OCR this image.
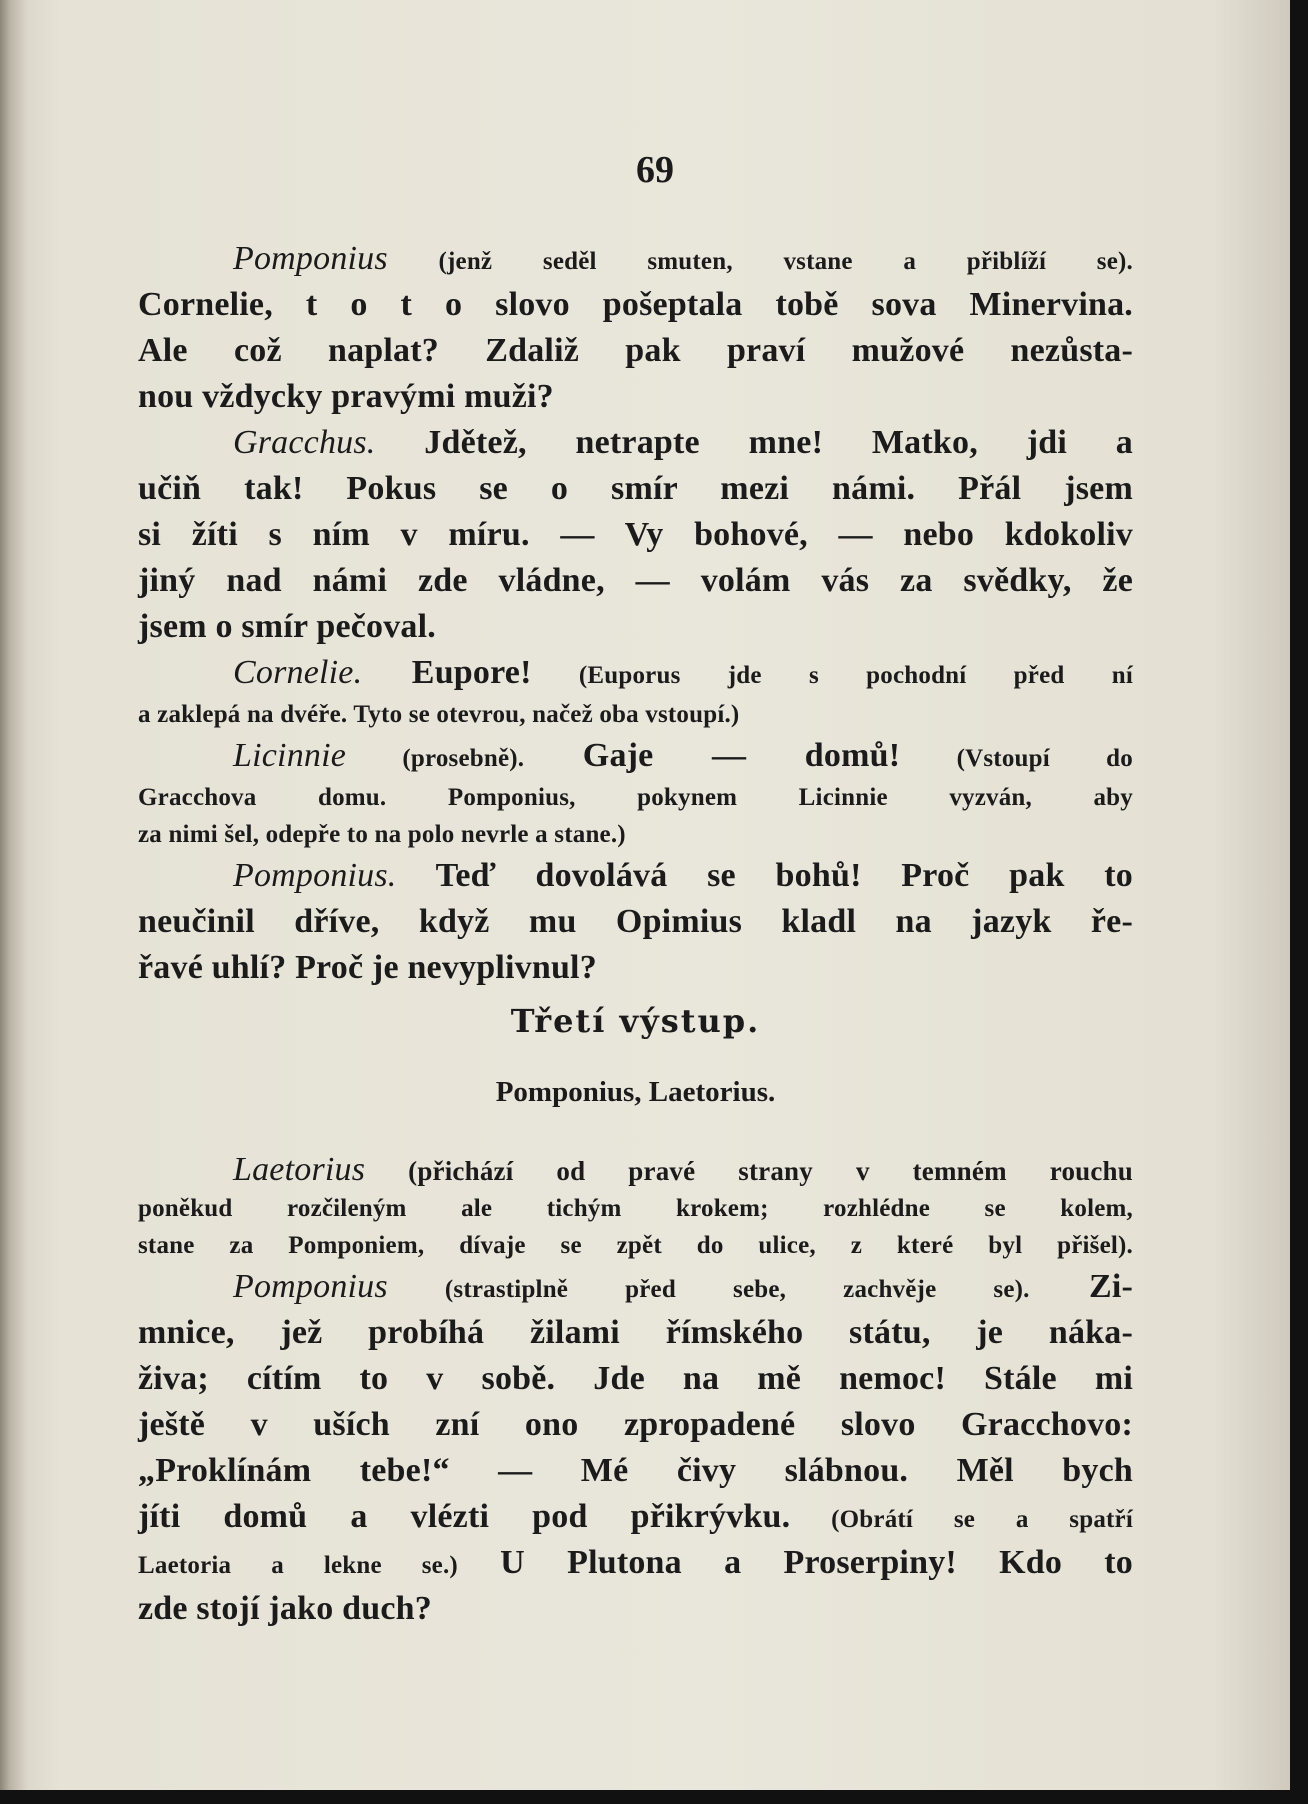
69
Pomponius (jenž seděl smuten, vstane a přiblíží se).
Cornelie, t o t o slovo pošeptala tobě sova Minervina.
Ale což naplat? Zdaliž pak praví mužové nezůsta-
nou vždycky pravými muži?
Gracchus. Jdětež, netrapte mne! Matko, jdi a
učiň tak! Pokus se o smír mezi námi. Přál jsem
si žíti s ním v míru. — Vy bohové, — nebo kdokoliv
jiný nad námi zde vládne, — volám vás za svědky, že
jsem o smír pečoval.
Cornelie. Eupore! (Euporus jde s pochodní před ní
a zaklepá na dvéře. Tyto se otevrou, načež oba vstoupí.)
Licinnie (prosebně). Gaje — domů! (Vstoupí do
Gracchova domu. Pomponius, pokynem Licinnie vyzván, aby
za nimi šel, odepře to na polo nevrle a stane.)
Pomponius. Teď dovolává se bohů! Proč pak to
neučinil dříve, když mu Opimius kladl na jazyk ře-
řavé uhlí? Proč je nevyplivnul?
Třetí výstup.
Pomponius, Laetorius.
Laetorius (přichází od pravé strany v temném rouchu
poněkud rozčileným ale tichým krokem; rozhlédne se kolem,
stane za Pomponiem, dívaje se zpět do ulice, z které byl přišel).
Pomponius (strastiplně před sebe, zachvěje se). Zi-
mnice, jež probíhá žilami římského státu, je náka-
živa; cítím to v sobě. Jde na mě nemoc! Stále mi
ještě v uších zní ono zpropadené slovo Gracchovo:
„Proklínám tebe!“ — Mé čivy slábnou. Měl bych
jíti domů a vlézti pod přikrývku. (Obrátí se a spatří
Laetoria a lekne se.) U Plutona a Proserpiny! Kdo to
zde stojí jako duch?
